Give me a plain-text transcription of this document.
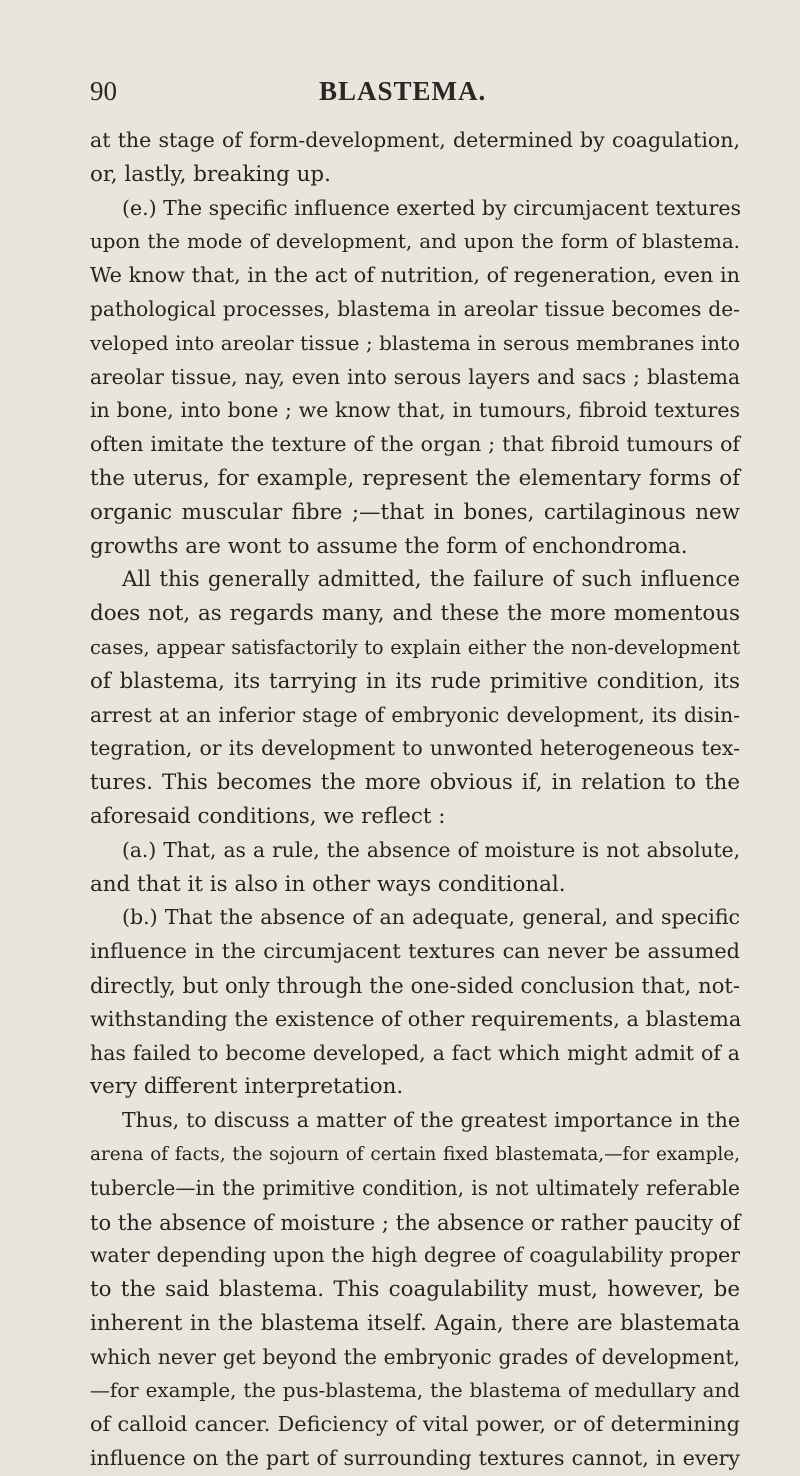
90	BLASTEMA.
at the stage of form-development, determined by coagulation,
or, lastly, breaking up.
(e.) The specific influence exerted by circumjacent textures
upon the mode of development, and upon the form of blastema.
We know that, in the act of nutrition, of regeneration, even in
pathological processes, blastema in areolar tissue becomes de-
veloped into areolar tissue ; blastema in serous membranes into
areolar tissue, nay, even into serous layers and sacs ; blastema
in bone, into bone ; we know that, in tumours, fibroid textures
often imitate the texture of the organ ; that fibroid tumours of
the uterus, for example, represent the elementary forms of
organic muscular fibre ;—that in bones, cartilaginous new
growths are wont to assume the form of enchondroma.
All this generally admitted, the failure of such influence
does not, as regards many, and these the more momentous
cases, appear satisfactorily to explain either the non-development
of blastema, its tarrying in its rude primitive condition, its
arrest at an inferior stage of embryonic development, its disin-
tegration, or its development to unwonted heterogeneous tex-
tures. This becomes the more obvious if, in relation to the
aforesaid conditions, we reflect :
(a.) That, as a rule, the absence of moisture is not absolute,
and that it is also in other ways conditional.
(b.) That the absence of an adequate, general, and specific
influence in the circumjacent textures can never be assumed
directly, but only through the one-sided conclusion that, not-
withstanding the existence of other requirements, a blastema
has failed to become developed, a fact which might admit of a
very different interpretation.
Thus, to discuss a matter of the greatest importance in the
arena of facts, the sojourn of certain fixed blastemata,—for example,
tubercle—in the primitive condition, is not ultimately referable
to the absence of moisture ; the absence or rather paucity of
water depending upon the high degree of coagulability proper
to the said blastema. This coagulability must, however, be
inherent in the blastema itself. Again, there are blastemata
which never get beyond the embryonic grades of development,
—for example, the pus-blastema, the blastema of medullary and
of calloid cancer. Deficiency of vital power, or of determining
influence on the part of surrounding textures cannot, in every
